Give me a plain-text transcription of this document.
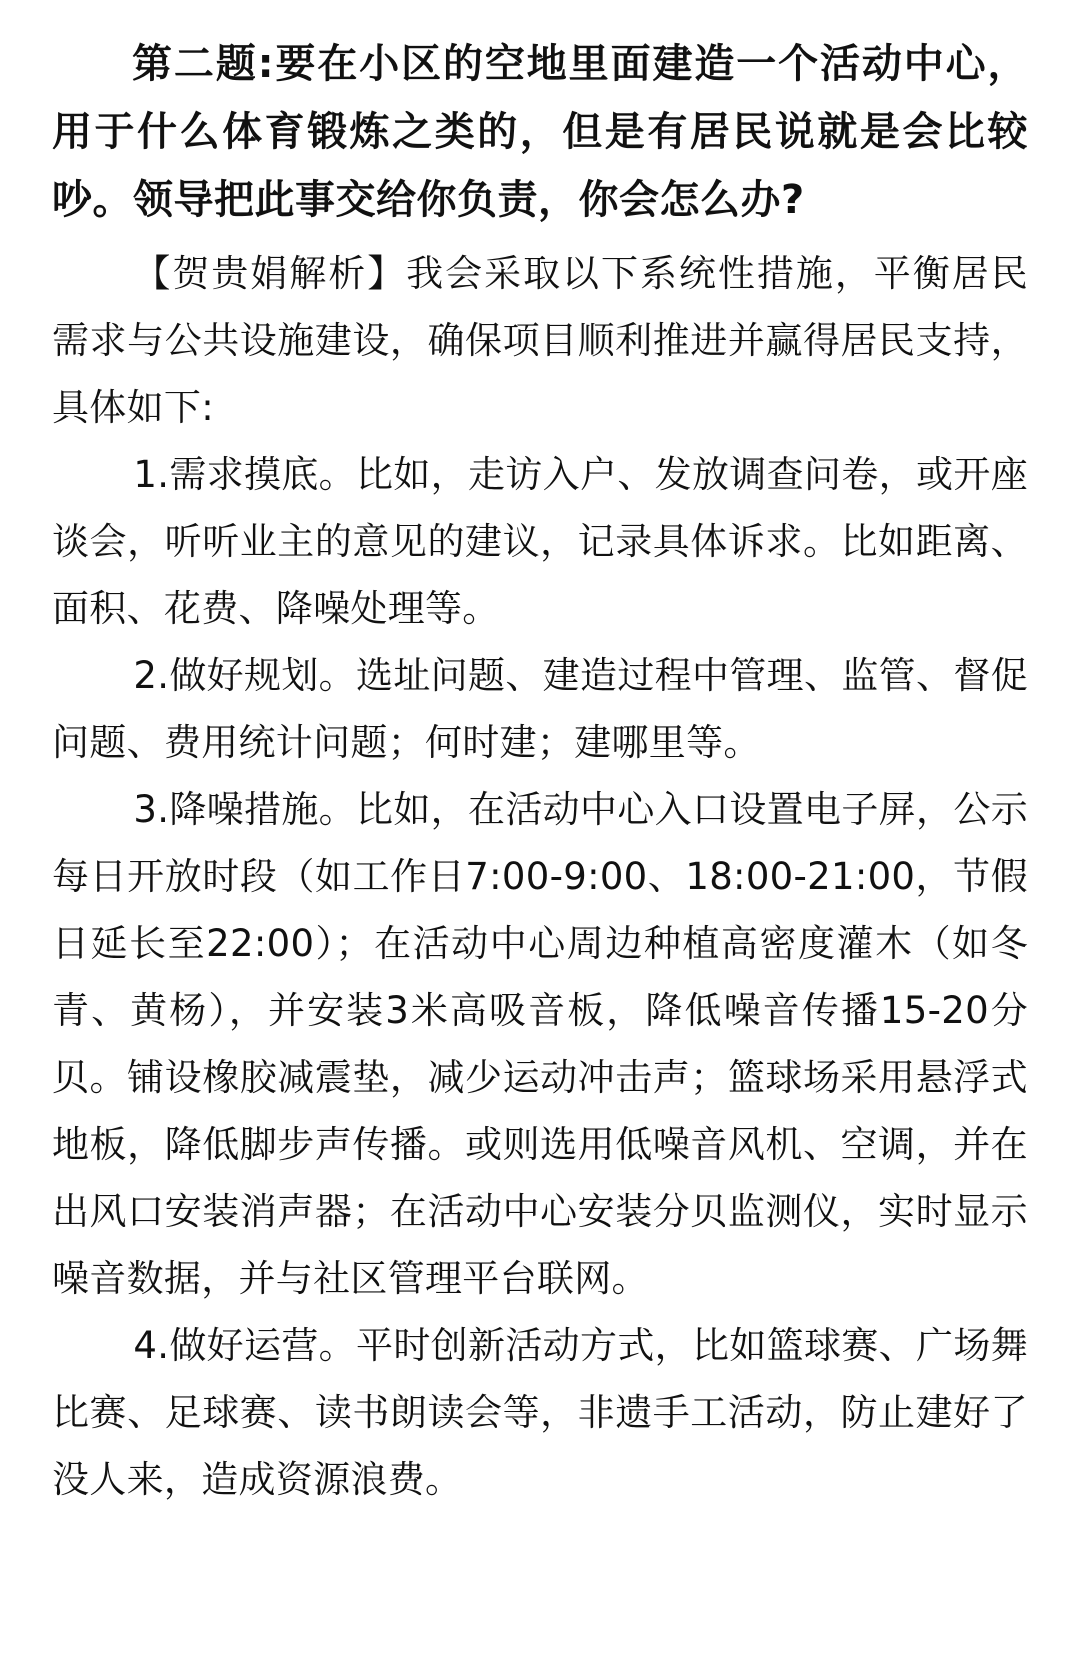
第二题:要在小区的空地里面建造一个活动中心，用于什么体育锻炼之类的，但是有居民说就是会比较吵。领导把此事交给你负责，你会怎么办?

【贺贵娟解析】我会采取以下系统性措施，平衡居民需求与公共设施建设，确保项目顺利推进并赢得居民支持，具体如下:

1.需求摸底。比如，走访入户、发放调查问卷，或开座谈会，听听业主的意见的建议，记录具体诉求。比如距离、面积、花费、降噪处理等。

2.做好规划。选址问题、建造过程中管理、监管、督促问题、费用统计问题；何时建；建哪里等。

3.降噪措施。比如，在活动中心入口设置电子屏，公示每日开放时段（如工作日7:00-9:00、18:00-21:00，节假日延长至22:00）；在活动中心周边种植高密度灌木（如冬青、黄杨），并安装3米高吸音板，降低噪音传播15-20分贝。铺设橡胶减震垫，减少运动冲击声；篮球场采用悬浮式地板，降低脚步声传播。或则选用低噪音风机、空调，并在出风口安装消声器；在活动中心安装分贝监测仪，实时显示噪音数据，并与社区管理平台联网。

4.做好运营。平时创新活动方式，比如篮球赛、广场舞比赛、足球赛、读书朗读会等，非遗手工活动，防止建好了没人来，造成资源浪费。
